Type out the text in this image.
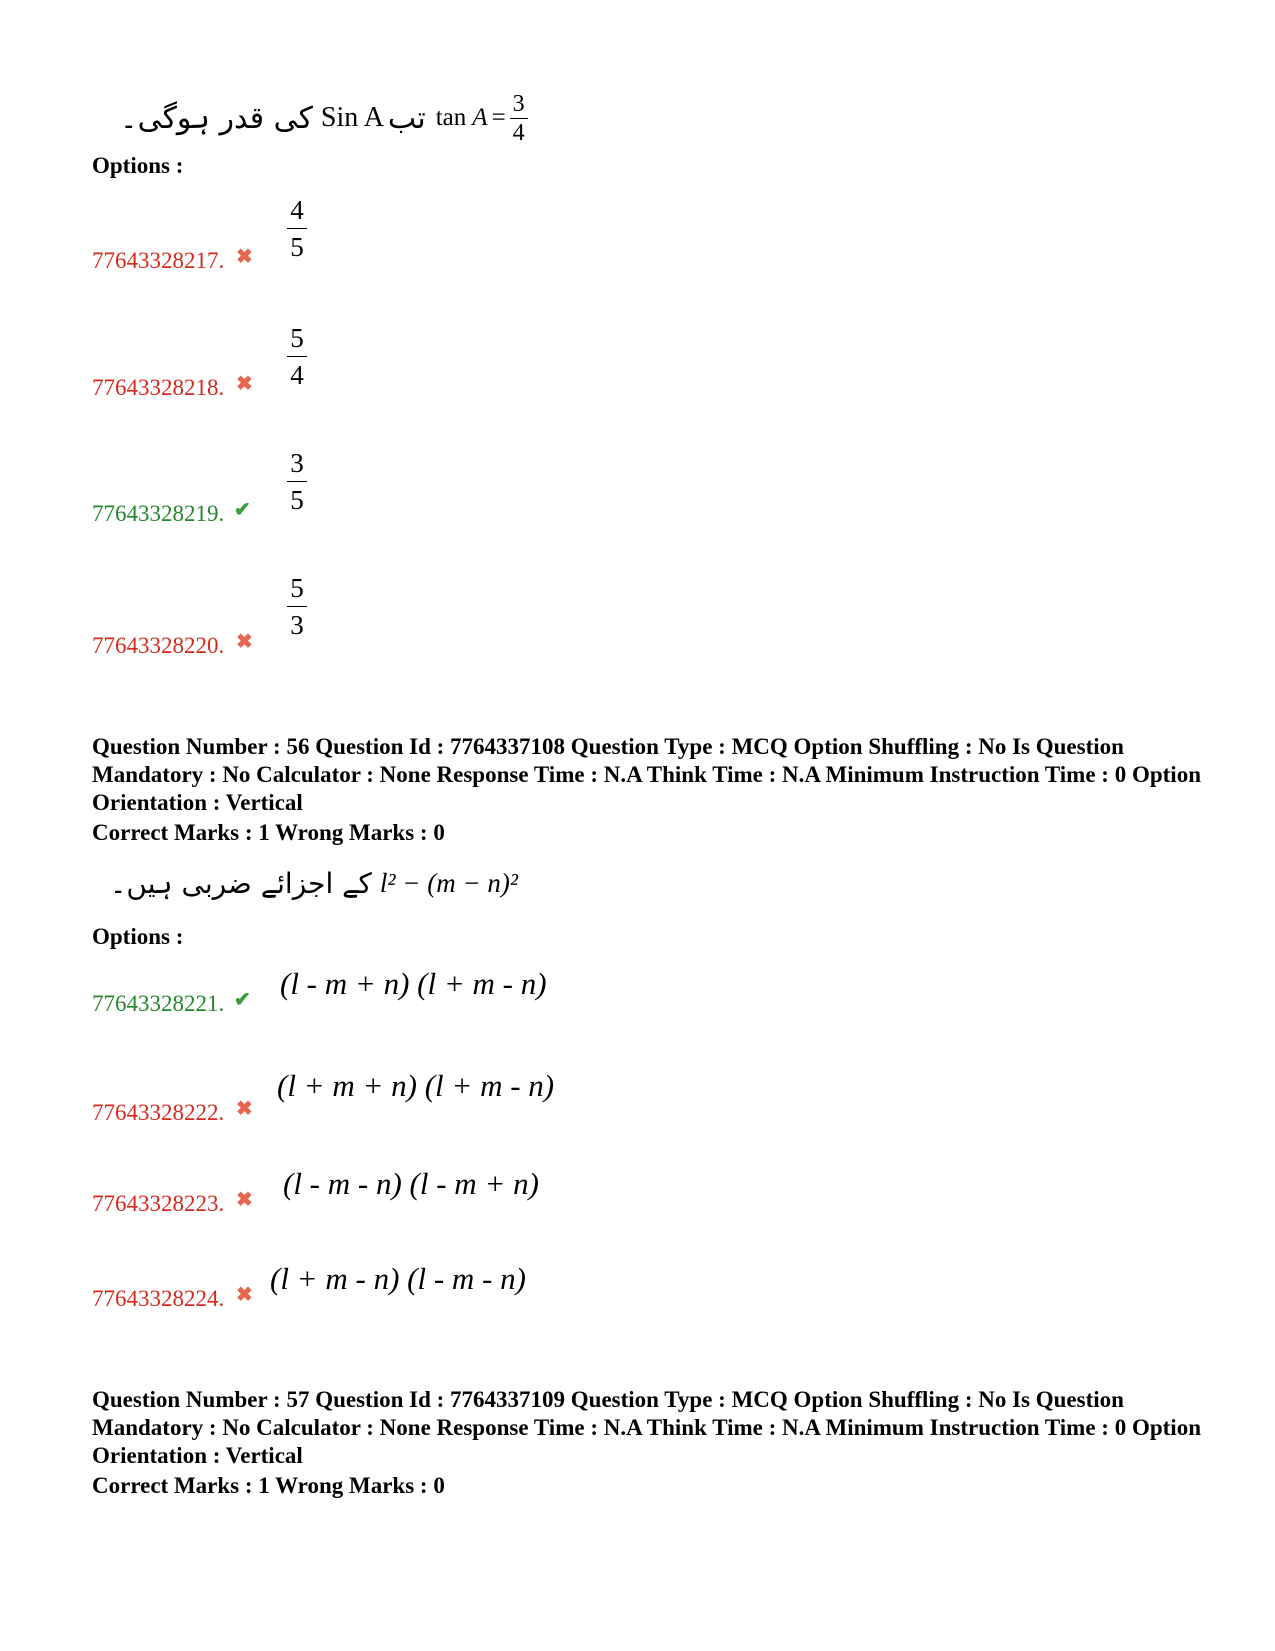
کی قدر ہوگی۔ Sin A تب tan A =
3
4
Options :
77643328217. ✖
4
5
77643328218. ✖
5
4
77643328219. ✔
3
5
77643328220. ✖
5
3
Question Number : 56 Question Id : 7764337108 Question Type : MCQ Option Shuffling : No Is Question Mandatory : No Calculator : None Response Time : N.A Think Time : N.A Minimum Instruction Time : 0 Option Orientation : Vertical
Correct Marks : 1 Wrong Marks : 0
کے اجزائے ضربی ہیں۔ l² − (m − n)²
Options :
77643328221. ✔ (l - m + n) (l + m - n)
77643328222. ✖
(l + m + n) (l + m - n)
77643328223. ✖ (l - m - n) (l - m + n)
77643328224. ✖ (l + m - n) (l - m - n)
Question Number : 57 Question Id : 7764337109 Question Type : MCQ Option Shuffling : No Is Question Mandatory : No Calculator : None Response Time : N.A Think Time : N.A Minimum Instruction Time : 0 Option Orientation : Vertical
Correct Marks : 1 Wrong Marks : 0
